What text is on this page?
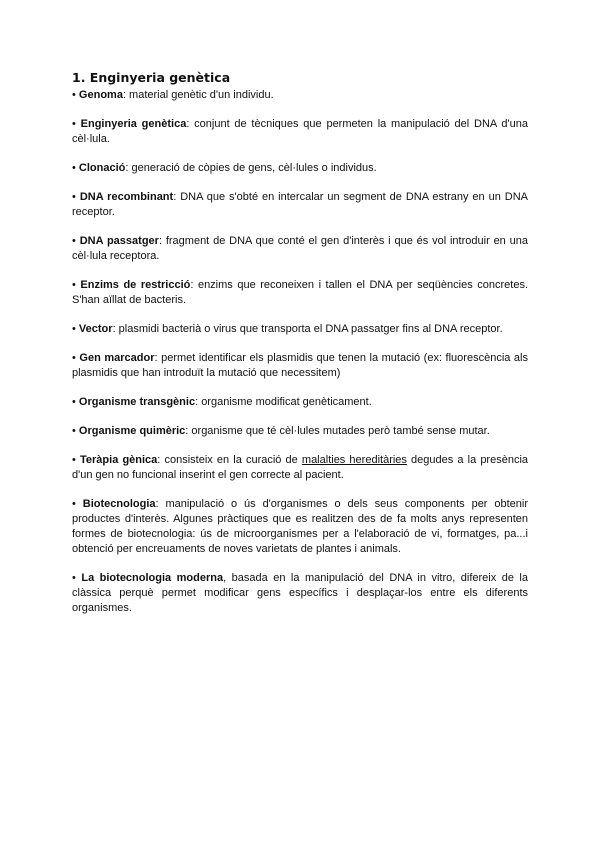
1. Enginyeria genètica

• Genoma: material genètic d'un individu.

• Enginyeria genètica: conjunt de tècniques que permeten la manipulació del DNA d'una cèl·lula.

• Clonació: generació de còpies de gens, cèl·lules o individus.

• DNA recombinant: DNA que s'obté en intercalar un segment de DNA estrany en un DNA receptor.

• DNA passatger: fragment de DNA que conté el gen d'interès i que és vol introduir en una cèl·lula receptora.

• Enzims de restricció: enzims que reconeixen i tallen el DNA per seqüències concretes. S'han aïllat de bacteris.

• Vector: plasmidi bacterià o virus que transporta el DNA passatger fins al DNA receptor.

• Gen marcador: permet identificar els plasmidis que tenen la mutació (ex: fluorescència als plasmidis que han introduït la mutació que necessitem)

• Organisme transgènic: organisme modificat genèticament.

• Organisme quimèric: organisme que té cèl·lules mutades però també sense mutar.

• Teràpia gènica: consisteix en la curació de malalties hereditàries degudes a la presència d'un gen no funcional inserint el gen correcte al pacient.

• Biotecnologia: manipulació o ús d'organismes o dels seus components per obtenir productes d'interès. Algunes pràctiques que es realitzen des de fa molts anys representen formes de biotecnologia: ús de microorganismes per a l'elaboració de vi, formatges, pa...i obtenció per encreuaments de noves varietats de plantes i animals.

• La biotecnologia moderna, basada en la manipulació del DNA in vitro, difereix de la clàssica perquè permet modificar gens específics i desplaçar-los entre els diferents organismes.
